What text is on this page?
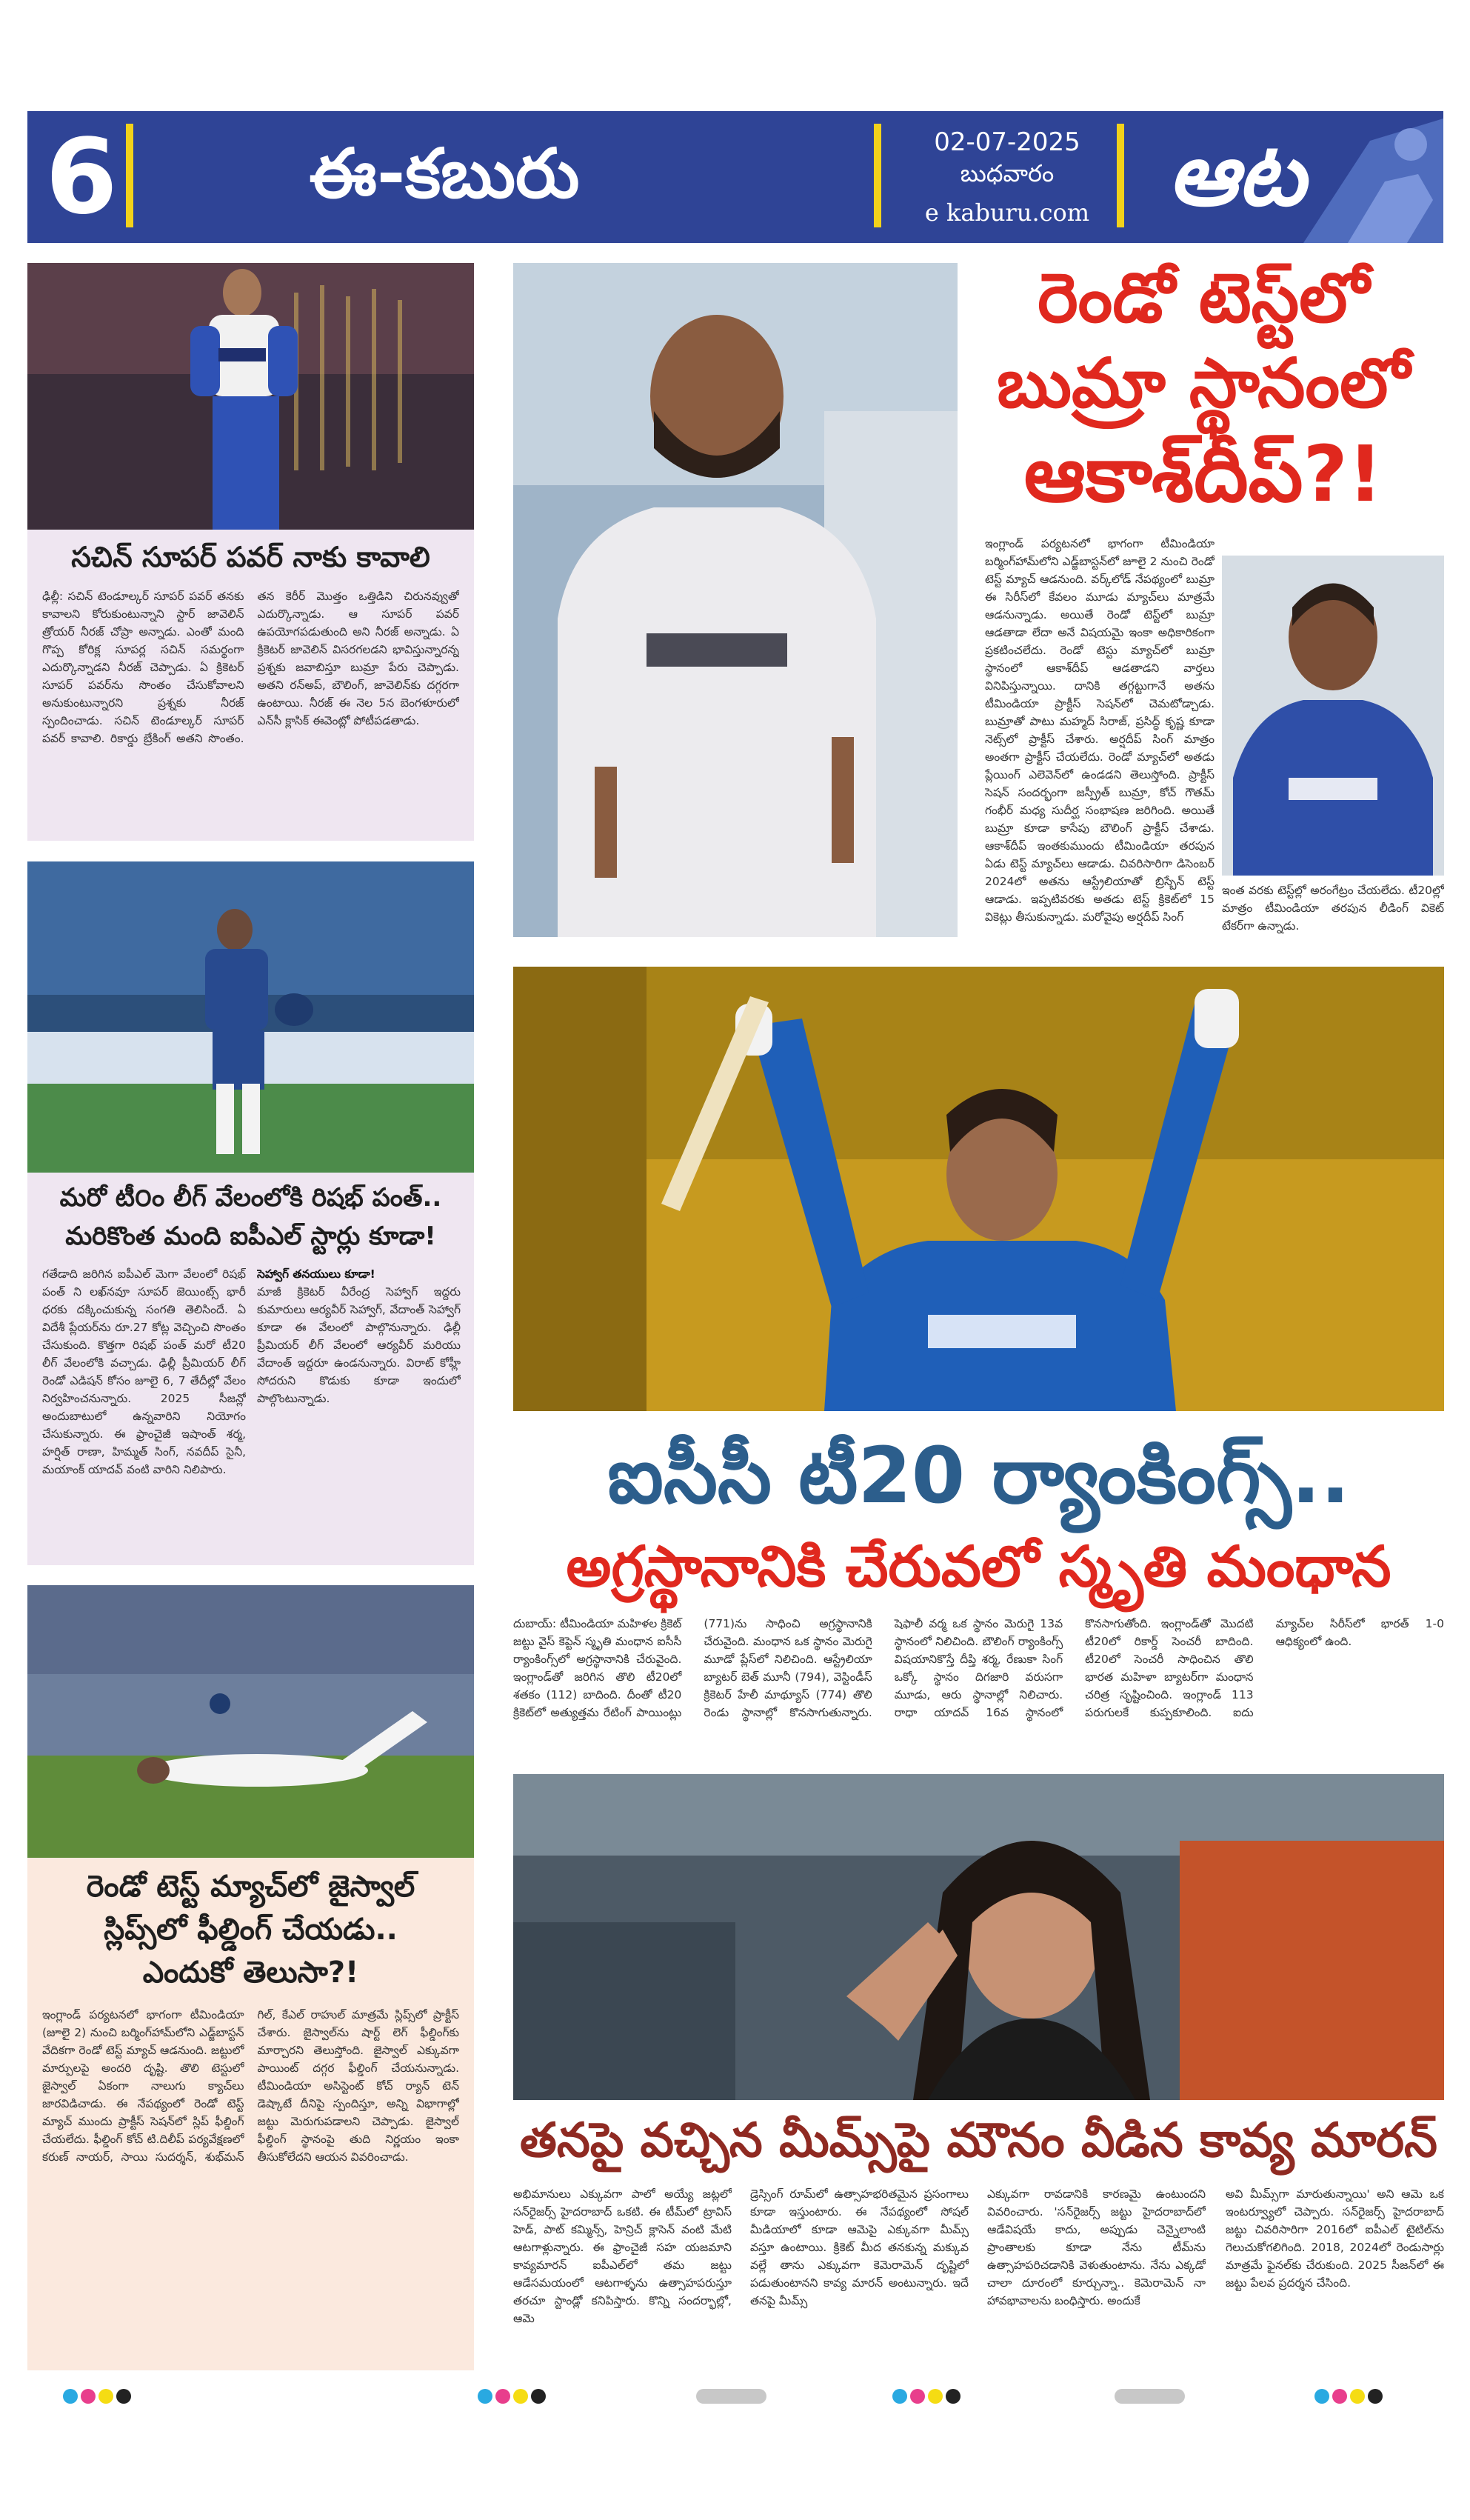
6	ఈ-కబురు	02-07-2025
బుధవారం
e kaburu.com ఆట
సచిన్ సూపర్ పవర్ నాకు కావాలి
ఢిల్లీ: సచిన్ టెండూల్కర్ సూపర్ పవర్ తనకు కావాలని కోరుకుంటున్నాని స్టార్ జావెలిన్ త్రోయర్ నీరజ్ చోప్రా అన్నాడు. ఎంతో మంది గొప్ప కోరిక్ల సూపర్ల సచిన్ సమర్థంగా ఎదుర్కొన్నాడని నీరజ్ చెప్పాడు. ఏ క్రికెటర్ సూపర్ పవర్‌ను సొంతం చేసుకోవాలని అనుకుంటున్నారని ప్రశ్నకు నీరజ్ స్పందించాడు. సచిన్ టెండూల్కర్ సూపర్ పవర్ కావాలి. రికార్డు బ్రేకింగ్ అతని సొంతం. తన కెరీర్ మొత్తం ఒత్తిడిని చిరునవ్వుతో ఎదుర్కొన్నాడు. ఆ సూపర్ పవర్ ఉపయోగపడుతుంది అని నీరజ్ అన్నాడు. ఏ క్రికెటర్ జావెలిన్ విసరగలడని భావిస్తున్నారన్న ప్రశ్నకు జవాబిస్తూ బుమ్రా పేరు చెప్పాడు. అతని రన్‌అప్, బౌలింగ్, జావెలిన్‌కు దగ్గరగా ఉంటాయి. నీరజ్ ఈ నెల 5న బెంగళూరులో ఎన్‌సీ క్లాసిక్ ఈవెంట్లో పోటీపడతాడు.
మరో టీ౦ం లీగ్ వేలంలోకి రిషభ్ పంత్..
మరికొంత మంది ఐపీఎల్ స్టార్లు కూడా!
గతేడాది జరిగిన ఐపీఎల్ మెగా వేలంలో రిషభ్ పంత్ ని లఖ్‌నవూ సూపర్ జెయింట్స్ భారీ ధరకు దక్కించుకున్న సంగతి తెలిసిందే. ఏ విదేశీ ప్లేయర్‌ను రూ.27 కోట్ల వెచ్చించి సొంతం చేసుకుంది. కొత్తగా రిషభ్ పంత్ మరో టీ20 లీగ్ వేలంలోకి వచ్చాడు. ఢిల్లీ ప్రీమియర్ లీగ్ రెండో ఎడిషన్ కోసం జూలై 6, 7 తేదీల్లో వేలం నిర్వహించనున్నారు. 2025 సీజన్లో అందుబాటులో ఉన్నవారిని నియోగం చేసుకున్నారు. ఈ ఫ్రాంచైజీ ఇషాంత్ శర్మ, హర్షిత్ రాణా, హిమ్మత్ సింగ్, నవదీప్ సైనీ, మయాంక్ యాదవ్ వంటి వారిని నిలిపారు.
సెహ్వాగ్ తనయులు కూడా!
మాజీ క్రికెటర్ వీరేంద్ర సెహ్వాగ్ ఇద్దరు కుమారులు ఆర్యవీర్ సెహ్వాగ్, వేదాంత్ సెహ్వాగ్ కూడా ఈ వేలంలో పాల్గొనున్నారు. ఢిల్లీ ప్రీమియర్ లీగ్ వేలంలో ఆర్యవీర్ మరియు వేదాంత్ ఇద్దరూ ఉండనున్నారు. విరాట్ కోహ్లీ సోదరుని కొడుకు కూడా ఇందులో పాల్గొంటున్నాడు.
రెండో టెస్ట్ మ్యాచ్‌లో జైస్వాల్
స్లిప్స్‌లో ఫీల్డింగ్ చేయడు..
ఎందుకో తెలుసా?!
ఇంగ్లాండ్ పర్యటనలో భాగంగా టీమిండియా (జూలై 2) నుంచి బర్మింగ్‌హామ్‌లోని ఎడ్జ్‌బాస్టన్ వేదికగా రెండో టెస్ట్ మ్యాచ్ ఆడనుంది. జట్టులో మార్పులపై అందరి దృష్టి. తొలి టెస్టులో జైస్వాల్ ఏకంగా నాలుగు క్యాచ్‌లు జారవిడిచాడు. ఈ నేపథ్యంలో రెండో టెస్ట్ మ్యాచ్ ముందు ప్రాక్టీస్ సెషన్‌లో స్లిప్ ఫీల్డింగ్ చేయలేదు. ఫీల్డింగ్ కోచ్ టి.దిలీప్ పర్యవేక్షణలో కరుణ్ నాయర్, సాయి సుదర్శన్, శుభ్‌మన్ గిల్, కేఎల్ రాహుల్ మాత్రమే స్లిప్స్‌లో ప్రాక్టీస్ చేశారు. జైస్వాల్‌ను షార్ట్ లెగ్ ఫీల్డింగ్‌కు మార్చారని తెలుస్తోంది. జైస్వాల్ ఎక్కువగా పాయింట్ దగ్గర ఫీల్డింగ్ చేయనున్నాడు. టీమిండియా అసిస్టెంట్ కోచ్ ర్యాన్ టెన్ డెష్కాటే దీనిపై స్పందిస్తూ, అన్ని విభాగాల్లో జట్టు మెరుగుపడాలని చెప్పాడు. జైస్వాల్ ఫీల్డింగ్ స్థానంపై తుది నిర్ణయం ఇంకా తీసుకోలేదని ఆయన వివరించాడు.
రెండో టెస్ట్‌లో
బుమ్రా స్థానంలో
ఆకాశ్‌దీప్?!
ఇంగ్లాండ్ పర్యటనలో భాగంగా టీమిండియా బర్మింగ్‌హామ్‌లోని ఎడ్జ్‌బాస్టన్‌లో జూలై 2 నుంచి రెండో టెస్ట్ మ్యాచ్ ఆడనుంది. వర్క్‌లోడ్ నేపథ్యంలో బుమ్రా ఈ సిరీస్‌లో కేవలం మూడు మ్యాచ్‌లు మాత్రమే ఆడనున్నాడు. అయితే రెండో టెస్ట్‌లో బుమ్రా ఆడతాడా లేదా అనే విషయమై ఇంకా అధికారికంగా ప్రకటించలేదు. రెండో టెస్టు మ్యాచ్‌లో బుమ్రా స్థానంలో ఆకాశ్‌దీప్ ఆడతాడని వార్తలు వినిపిస్తున్నాయి. దానికి తగ్గట్టుగానే అతను టీమిండియా ప్రాక్టీస్ సెషన్‌లో చెమటోడ్చాడు. బుమ్రాతో పాటు మహ్మద్ సిరాజ్, ప్రసిద్ధ్ కృష్ణ కూడా నెట్స్‌లో ప్రాక్టీస్ చేశారు. అర్షదీప్ సింగ్ మాత్రం అంతగా ప్రాక్టీస్ చేయలేదు. రెండో మ్యాచ్‌లో అతడు ప్లేయింగ్ ఎలెవెన్‌లో ఉండడని తెలుస్తోంది. ప్రాక్టీస్ సెషన్ సందర్భంగా జస్ప్రీత్ బుమ్రా, కోచ్ గౌతమ్ గంభీర్ మధ్య సుదీర్ఘ సంభాషణ జరిగింది. అయితే బుమ్రా కూడా కాసేపు బౌలింగ్ ప్రాక్టీస్ చేశాడు. ఆకాశ్‌దీప్ ఇంతకుముందు టీమిండియా తరపున ఏడు టెస్ట్ మ్యాచ్‌లు ఆడాడు. చివరిసారిగా డిసెంబర్ 2024లో అతను ఆస్ట్రేలియాతో బ్రిస్బేన్ టెస్ట్ ఆడాడు. ఇప్పటివరకు అతడు టెస్ట్ క్రికెట్‌లో 15 వికెట్లు తీసుకున్నాడు. మరోవైపు అర్షదీప్ సింగ్
ఇంత వరకు టెస్ట్‌ల్లో అరంగేట్రం చేయలేదు. టీ20ల్లో మాత్రం టీమిండియా తరపున లీడింగ్ వికెట్ టేకర్‌గా ఉన్నాడు.
ఐసీసీ టీ20 ర్యాంకింగ్స్..
అగ్రస్థానానికి చేరువలో స్మృతి మంధాన
దుబాయ్: టీమిండియా మహిళల క్రికెట్ జట్టు వైస్ కెప్టెన్ స్మృతి మంధాన ఐసీసీ ర్యాంకింగ్స్‌లో అగ్రస్థానానికి చేరువైంది. ఇంగ్లాండ్‌తో జరిగిన తొలి టీ20లో శతకం (112) బాదింది. దీంతో టీ20 క్రికెట్‌లో అత్యుత్తమ రేటింగ్ పాయింట్లు (771)ను సాధించి అగ్రస్థానానికి చేరువైంది. మంధాన ఒక స్థానం మెరుగై మూడో ప్లేస్‌లో నిలిచింది. ఆస్ట్రేలియా బ్యాటర్ బెత్ మూనీ (794), వెస్టిండీస్ క్రికెటర్ హేలీ మాథ్యూస్ (774) తొలి రెండు స్థానాల్లో కొనసాగుతున్నారు. షెఫాలీ వర్మ ఒక స్థానం మెరుగై 13వ స్థానంలో నిలిచింది. బౌలింగ్ ర్యాంకింగ్స్ విషయానికొస్తే దీప్తి శర్మ, రేణుకా సింగ్ ఒక్కో స్థానం దిగజారి వరుసగా మూడు, ఆరు స్థానాల్లో నిలిచారు. రాధా యాదవ్ 16వ స్థానంలో కొనసాగుతోంది. ఇంగ్లాండ్‌తో మొదటి టీ20లో రికార్డ్ సెంచరీ బాదింది. టీ20లో సెంచరీ సాధించిన తొలి భారత మహిళా బ్యాటర్‌గా మంధాన చరిత్ర సృష్టించింది. ఇంగ్లాండ్ 113 పరుగులకే కుప్పకూలింది. ఐదు మ్యాచ్‌ల సిరీస్‌లో భారత్ 1-0 ఆధిక్యంలో ఉంది.
తనపై వచ్చిన మీమ్స్‌పై మౌనం వీడిన కావ్య మారన్
అభిమానులు ఎక్కువగా పాలో అయ్యే జట్లలో సన్‌రైజర్స్ హైదరాబాద్ ఒకటి. ఈ టీమ్‌లో ట్రావిస్ హెడ్, పాట్ కమ్మిన్స్, హెన్రిచ్ క్లాసెన్ వంటి మేటి ఆటగాళ్లున్నారు. ఈ ఫ్రాంచైజీ సహ యజమాని కావ్యమారన్ ఐపీఎల్‌లో తమ జట్టు ఆడేసమయంలో ఆటగాళ్ళను ఉత్సాహపరుస్తూ తరచూ స్టాండ్లో కనిపిస్తారు. కొన్ని సందర్భాల్లో, ఆమె
డ్రెస్సింగ్ రూమ్‌లో ఉత్సాహభరితమైన ప్రసంగాలు కూడా ఇస్తుంటారు. ఈ నేపథ్యంలో సోషల్ మీడియాలో కూడా ఆమెపై ఎక్కువగా మీమ్స్ వస్తూ ఉంటాయి. క్రికెట్ మీద తనకున్న మక్కువ వల్లే తాను ఎక్కువగా కెమెరామెన్ దృష్టిలో పడుతుంటానని కావ్య మారన్ అంటున్నారు. ఇదే తనపై మీమ్స్
ఎక్కువగా రావడానికి కారణమై ఉంటుందని వివరించారు. 'సన్‌రైజర్స్ జట్టు హైదరాబాద్‌లో ఆడేవిషయే కాదు, అప్పుడు చెన్నైలాంటి ప్రాంతాలకు కూడా నేను టీమ్‌ను ఉత్సాహపరిచడానికి వెళుతుంటాను. నేను ఎక్కడో చాలా దూరంలో కూర్చున్నా.. కెమెరామెన్ నా హావభావాలను బంధిస్తారు. అందుకే
అవి మీమ్స్‌గా మారుతున్నాయి' అని ఆమె ఒక ఇంటర్వ్యూలో చెప్పారు. సన్‌రైజర్స్ హైదరాబాద్ జట్టు చివరిసారిగా 2016లో ఐపీఎల్ టైటిల్‌ను గెలుచుకోగలిగింది. 2018, 2024లో రెండుసార్లు మాత్రమే ఫైనల్‌కు చేరుకుంది. 2025 సీజన్‌లో ఈ జట్టు పేలవ ప్రదర్శన చేసింది.
